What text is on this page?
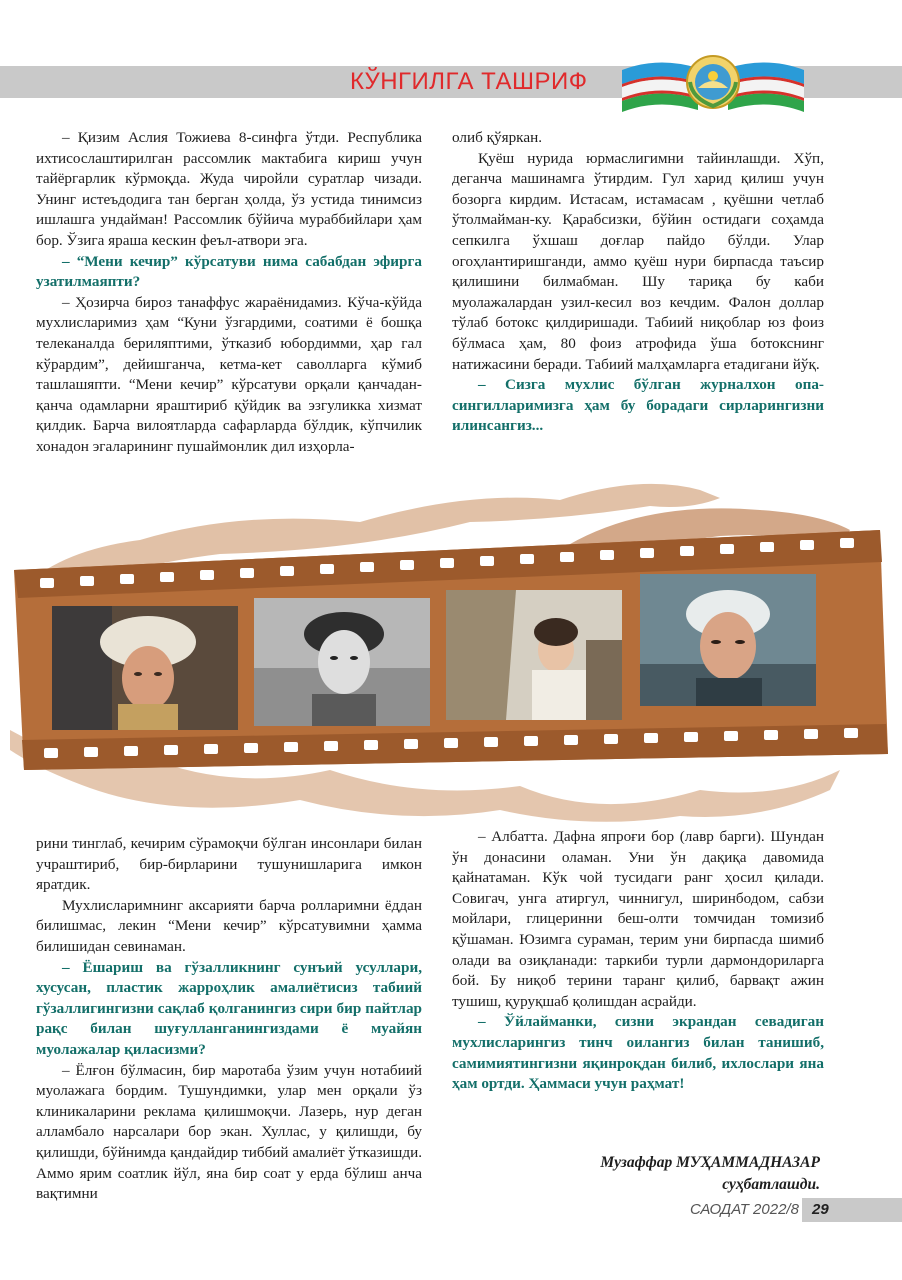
КЎНГИЛГА ТАШРИФ

– Қизим Аслия Тожиева 8-синфга ўтди. Республика ихтисослаштирилган рассомлик мактабига кириш учун тайёргарлик кўрмоқда. Жуда чиройли суратлар чизади. Унинг истеъдодига тан берган ҳолда, ўз устида тинимсиз ишлашга ундайман! Рассомлик бўйича мураббийлари ҳам бор. Ўзига яраша кескин феъл-атвори эга.

– “Мени кечир” кўрсатуви нима сабабдан эфирга узатилмаяпти?

– Ҳозирча бироз танаффус жараёнидамиз. Кўча-кўйда мухлисларимиз ҳам “Куни ўзгардими, соатими ё бошқа телеканалда бериляптими, ўтказиб юбордимми, ҳар гал кўрардим”, дейишганча, кетма-кет саволларга кўмиб ташлашяпти. “Мени кечир” кўрсатуви орқали қанчадан-қанча одамларни яраштириб қўйдик ва эзгуликка хизмат қилдик. Барча вилоятларда сафарларда бўлдик, кўпчилик хонадон эгаларининг пушаймонлик дил изҳорла-

олиб қўяркан.

Қуёш нурида юрмаслигимни тайинлашди. Хўп, деганча машинамга ўтирдим. Гул харид қилиш учун бозорга кирдим. Истасам, истамасам , қуёшни четлаб ўтолмайман-ку. Қарабсизки, бўйин остидаги соҳамда сепкилга ўхшаш доғлар пайдо бўлди. Улар огоҳлантиришганди, аммо қуёш нури бирпасда таъсир қилишини билмабман. Шу тариқа бу каби муолажалардан узил-кесил воз кечдим. Фалон доллар тўлаб ботокс қилдиришади. Табиий ниқоблар юз фоиз бўлмаса ҳам, 80 фоиз атрофида ўша ботокснинг натижасини беради. Табиий малҳамларга етадигани йўқ.

– Сизга мухлис бўлган журналхон опа-сингилларимизга ҳам бу борадаги сирларингизни илинсангиз...

рини тинглаб, кечирим сўрамоқчи бўлган инсонлари билан учраштириб, бир-бирларини тушунишларига имкон яратдик.

Мухлисларимнинг аксарияти барча ролларимни ёддан билишмас, лекин “Мени кечир” кўрсатувимни ҳамма билишидан севинаман.

– Ёшариш ва гўзалликнинг сунъий усуллари, хусусан, пластик жарроҳлик амалиётисиз табиий гўзаллигингизни сақлаб қолганингиз сири бир пайтлар рақс билан шуғулланганингиздами ё муайян муолажалар қиласизми?

– Ёлғон бўлмасин, бир маротаба ўзим учун нотабиий муолажага бордим. Тушундимки, улар мен орқали ўз клиникаларини реклама қилишмоқчи. Лазерь, нур деган алламбало нарсалари бор экан. Хуллас, у қилишди, бу қилишди, бўйнимда қандайдир тиббий амалиёт ўтказишди. Аммо ярим соатлик йўл, яна бир соат у ерда бўлиш анча вақтимни

– Албатта. Дафна япроғи бор (лавр барги). Шундан ўн донасини оламан. Уни ўн дақиқа давомида қайнатаман. Кўк чой тусидаги ранг ҳосил қилади. Совигач, унга атиргул, чиннигул, ширинбодом, сабзи мойлари, глицеринни беш-олти томчидан томизиб қўшаман. Юзимга сураман, терим уни бирпасда шимиб олади ва озиқланади: таркиби турли дармондориларга бой. Бу ниқоб терини таранг қилиб, барвақт ажин тушиш, қуруқшаб қолишдан асрайди.

– Ўйлайманки, сизни экрандан севадиган мухлисларингиз тинч оилангиз билан танишиб, самимиятингизни яқинроқдан билиб, ихлослари яна ҳам ортди. Ҳаммаси учун раҳмат!

Музаффар МУҲАММАДНАЗАР
суҳбатлашди.
САОДАТ 2022/8 29
